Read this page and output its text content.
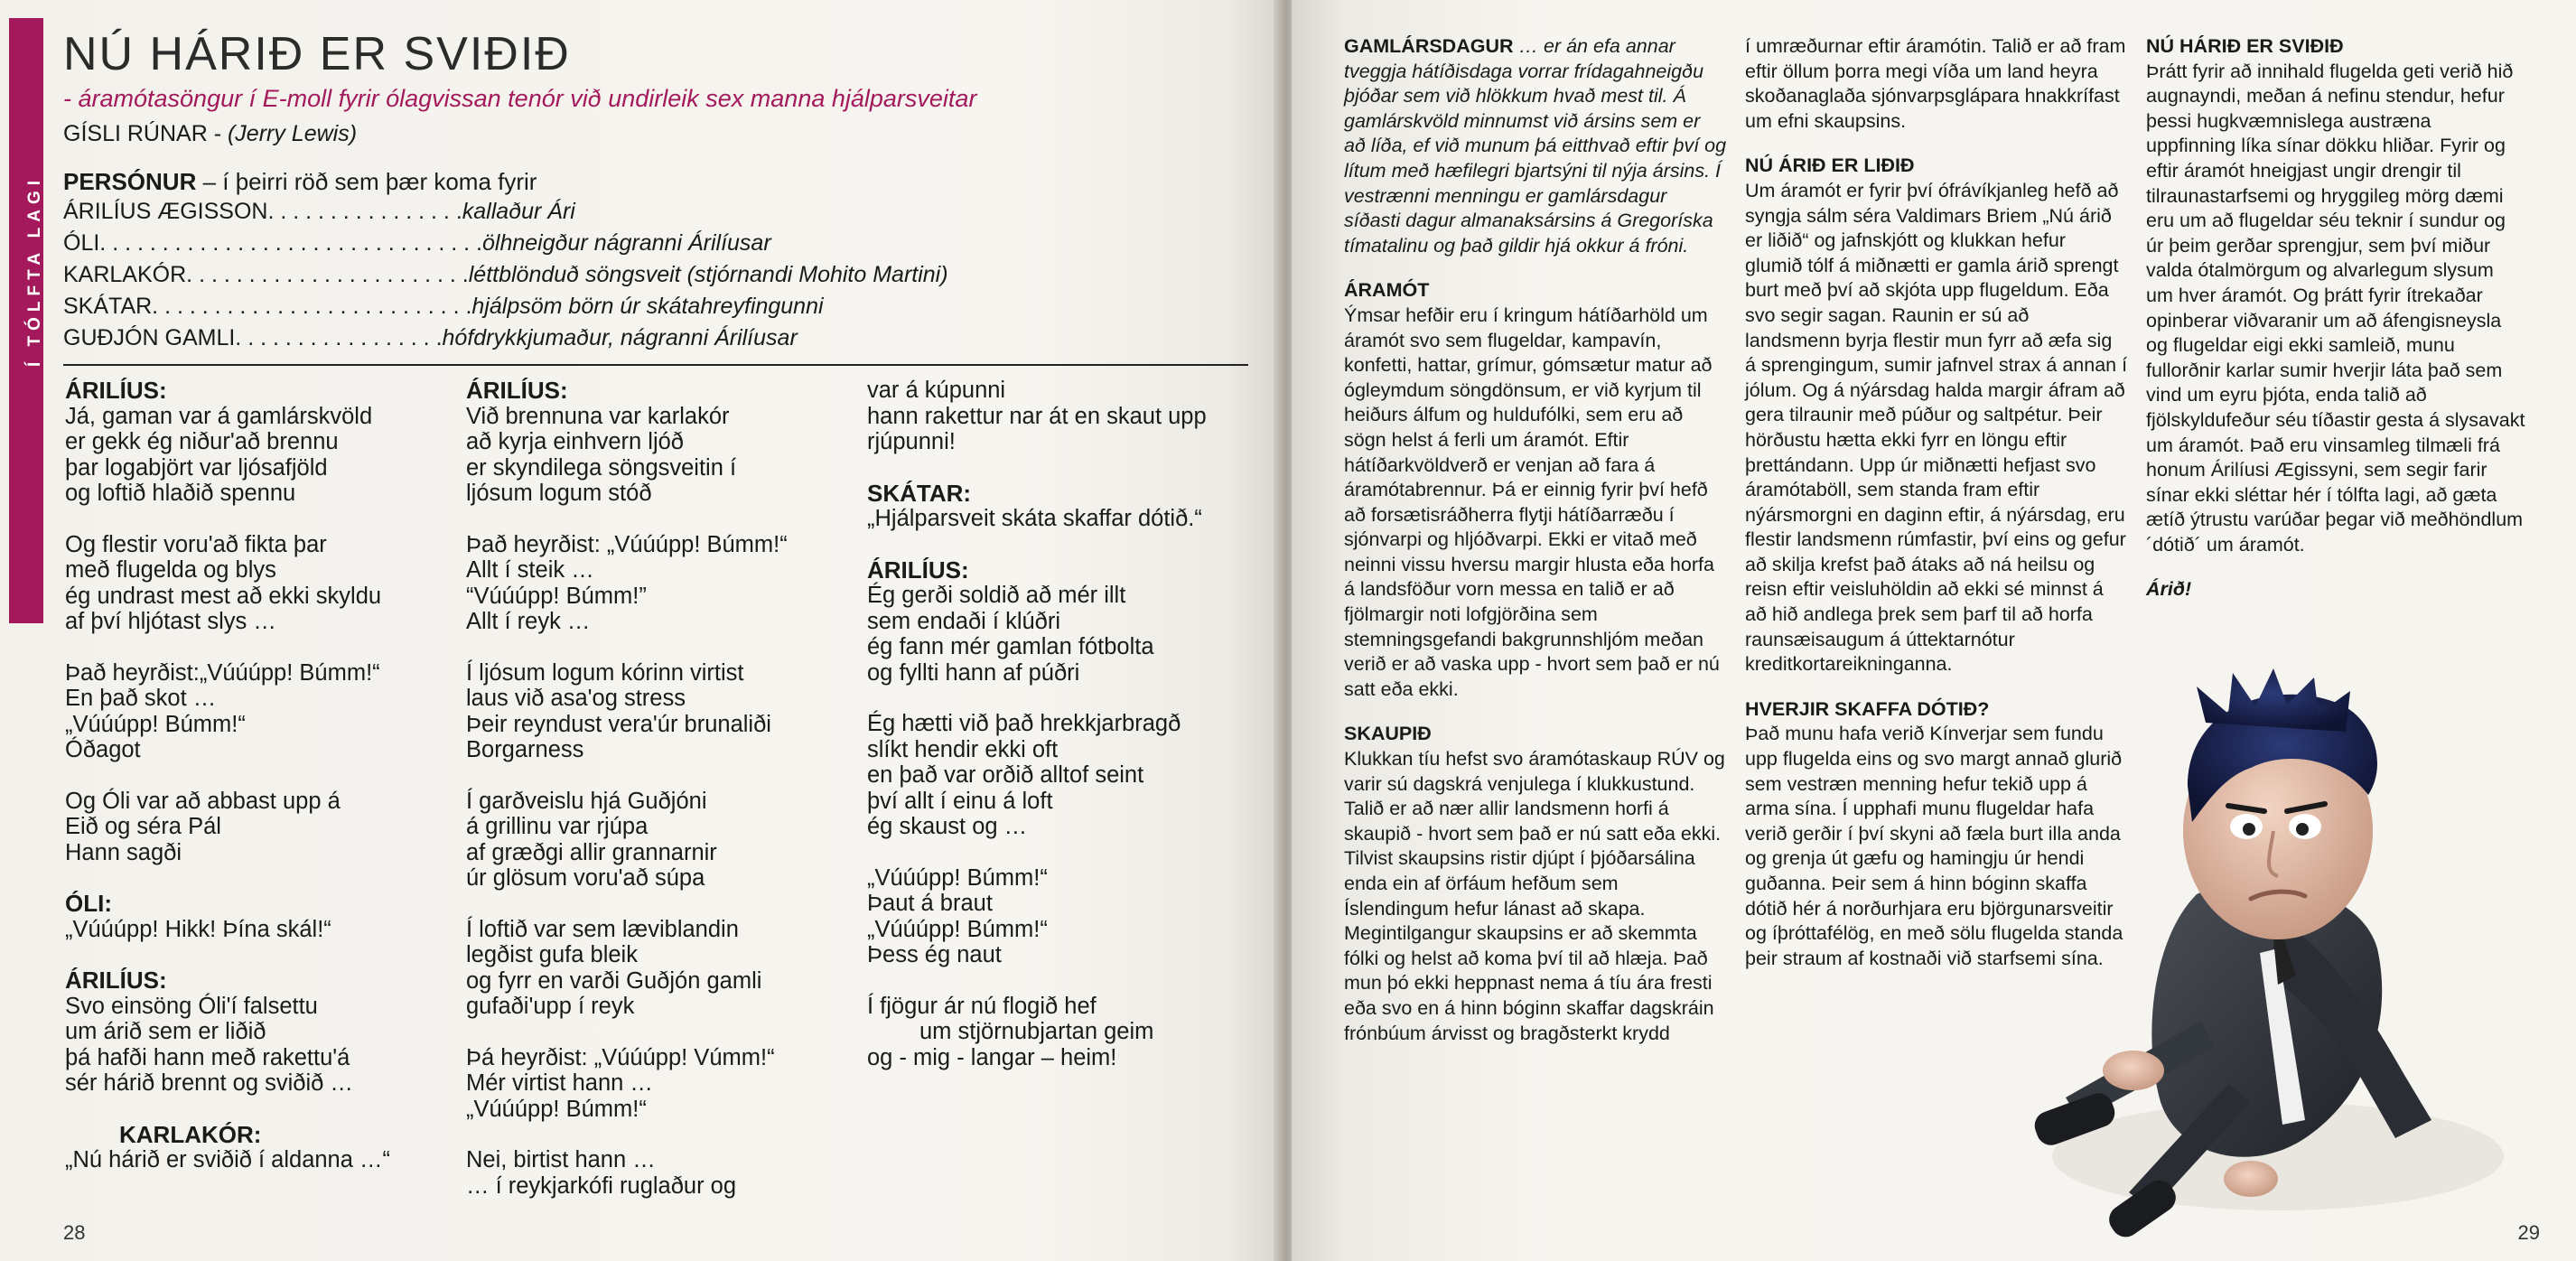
Í TÓLFTA LAGI
NÚ HÁRIÐ ER SVIÐIÐ
- áramótasöngur í E-moll fyrir ólagvissan tenór við undirleik sex manna hjálparsveitar
GÍSLI RÚNAR - (Jerry Lewis)
PERSÓNUR – í þeirri röð sem þær koma fyrir
ÁRILÍUS ÆGISSON . . . . . . . . . . . . . . . . kallaður Ári
ÓLI . . . . . . . . . . . . . . . . . . . . . . . . . . . . . . . ölhneigður nágranni Árilíusar
KARLAKÓR . . . . . . . . . . . . . . . . . . . . . . . léttblönduð söngsveit (stjórnandi Mohito Martini)
SKÁTAR . . . . . . . . . . . . . . . . . . . . . . . . . . hjálpsöm börn úr skátahreyfingunni
GUÐJÓN GAMLI . . . . . . . . . . . . . . . . . hófdrykkjumaður, nágranni Árilíusar
ÁRILÍUS:
Já, gaman var á gamlárskvöld
er gekk ég niður'að brennu
þar logabjört var ljósafjöld
og loftið hlaðið spennu
Og flestir voru'að fikta þar
með flugelda og blys
ég undrast mest að ekki skyldu
af því hljótast slys …
Það heyrðist:„Vúúúpp! Búmm!“
En það skot …
„Vúúúpp! Búmm!“
Óðagot
Og Óli var að abbast upp á
Eið og séra Pál
Hann sagði
ÓLI:
„Vúúúpp! Hikk! Þína skál!“
ÁRILÍUS:
Svo einsöng Óli'í falsettu
um árið sem er liðið
þá hafði hann með rakettu'á
sér hárið brennt og sviðið …
KARLAKÓR:
„Nú hárið er sviðið í aldanna …“
ÁRILÍUS:
Við brennuna var karlakór
að kyrja einhvern ljóð
er skyndilega söngsveitin í
ljósum logum stóð
Það heyrðist: „Vúúúpp! Búmm!“
Allt í steik …
“Vúúúpp! Búmm!”
Allt í reyk …
Í ljósum logum kórinn virtist
laus við asa'og stress
Þeir reyndust vera'úr brunaliði
Borgarness
Í garðveislu hjá Guðjóni
á grillinu var rjúpa
af græðgi allir grannarnir
úr glösum voru'að súpa
Í loftið var sem læviblandin
legðist gufa bleik
og fyrr en varði Guðjón gamli
gufaði'upp í reyk
Þá heyrðist: „Vúúúpp! Vúmm!“
Mér virtist hann …
„Vúúúpp! Búmm!“
Nei, birtist hann …
… í reykjarkófi ruglaður og
var á kúpunni
hann rakettur nar át en skaut upp
rjúpunni!
SKÁTAR:
„Hjálparsveit skáta skaffar dótið.“
ÁRILÍUS:
Ég gerði soldið að mér illt
sem endaði í klúðri
ég fann mér gamlan fótbolta
og fyllti hann af púðri
Ég hætti við það hrekkjarbragð
slíkt hendir ekki oft
en það var orðið alltof seint
því allt í einu á loft
ég skaust og …
„Vúúúpp! Búmm!“
Þaut á braut
„Vúúúpp! Búmm!“
Þess ég naut
Í fjögur ár nú flogið hef
um stjörnubjartan geim
og - mig - langar – heim!
28
GAMLÁRSDAGUR … er án efa annar tveggja hátíðisdaga vorrar frídagahneigðu þjóðar sem við hlökkum hvað mest til. Á gamlárskvöld minnumst við ársins sem er að líða, ef við munum þá eitthvað eftir því og lítum með hæfilegri bjartsýni til nýja ársins. Í vestrænni menningu er gamlársdagur síðasti dagur almanaksársins á Gregoríska tímatalinu og það gildir hjá okkur á fróni.
ÁRAMÓT
Ýmsar hefðir eru í kringum hátíðarhöld um áramót svo sem flugeldar, kampavín, konfetti, hattar, grímur, gómsætur matur að ógleymdum söngdönsum, er við kyrjum til heiðurs álfum og huldufólki, sem eru að sögn helst á ferli um áramót. Eftir hátíðarkvöldverð er venjan að fara á áramótabrennur. Þá er einnig fyrir því hefð að forsætisráðherra flytji hátíðarræðu í sjónvarpi og hljóðvarpi. Ekki er vitað með neinni vissu hversu margir hlusta eða horfa á landsföður vorn messa en talið er að fjölmargir noti lofgjörðina sem stemningsgefandi bakgrunnshljóm meðan verið er að vaska upp - hvort sem það er nú satt eða ekki.
SKAUPIÐ
Klukkan tíu hefst svo áramótaskaup RÚV og varir sú dagskrá venjulega í klukkustund. Talið er að nær allir landsmenn horfi á skaupið - hvort sem það er nú satt eða ekki. Tilvist skaupsins ristir djúpt í þjóðarsálina enda ein af örfáum hefðum sem Íslendingum hefur lánast að skapa. Megintilgangur skaupsins er að skemmta fólki og helst að koma því til að hlæja. Það mun þó ekki heppnast nema á tíu ára fresti eða svo en á hinn bóginn skaffar dagskráin frónbúum árvisst og bragðsterkt krydd
í umræðurnar eftir áramótin. Talið er að fram eftir öllum þorra megi víða um land heyra skoðanaglaða sjónvarpsglápara hnakkrífast um efni skaupsins.
NÚ ÁRIÐ ER LIÐIÐ
Um áramót er fyrir því ófrávíkjanleg hefð að syngja sálm séra Valdimars Briem „Nú árið er liðið“ og jafnskjótt og klukkan hefur glumið tólf á miðnætti er gamla árið sprengt burt með því að skjóta upp flugeldum. Eða svo segir sagan. Raunin er sú að landsmenn byrja flestir mun fyrr að æfa sig á sprengingum, sumir jafnvel strax á annan í jólum. Og á nýársdag halda margir áfram að gera tilraunir með púður og saltpétur. Þeir hörðustu hætta ekki fyrr en löngu eftir þrettándann. Upp úr miðnætti hefjast svo áramótaböll, sem standa fram eftir nýársmorgni en daginn eftir, á nýársdag, eru flestir landsmenn rúmfastir, því eins og gefur að skilja krefst það átaks að ná heilsu og reisn eftir veisluhöldin að ekki sé minnst á að hið andlega þrek sem þarf til að horfa raunsæisaugum á úttektarnótur kreditkortareikninganna.
HVERJIR SKAFFA DÓTIÐ?
Það munu hafa verið Kínverjar sem fundu upp flugelda eins og svo margt annað glurið sem vestræn menning hefur tekið upp á arma sína. Í upphafi munu flugeldar hafa verið gerðir í því skyni að fæla burt illa anda og grenja út gæfu og hamingju úr hendi guðanna. Þeir sem á hinn bóginn skaffa dótið hér á norðurhjara eru björgunarsveitir og íþróttafélög, en með sölu flugelda standa þeir straum af kostnaði við starfsemi sína.
NÚ HÁRIÐ ER SVIÐIÐ
Þrátt fyrir að innihald flugelda geti verið hið augnayndi, meðan á nefinu stendur, hefur þessi hugkvæmnislega austræna uppfinning líka sínar dökku hliðar. Fyrir og eftir áramót hneigjast ungir drengir til tilraunastarfsemi og hryggileg mörg dæmi eru um að flugeldar séu teknir í sundur og úr þeim gerðar sprengjur, sem því miður valda ótalmörgum og alvarlegum slysum um hver áramót. Og þrátt fyrir ítrekaðar opinberar viðvaranir um að áfengisneysla og flugeldar eigi ekki samleið, munu fullorðnir karlar sumir hverjir láta það sem vind um eyru þjóta, enda talið að fjölskyldufeður séu tíðastir gesta á slysavakt um áramót. Það eru vinsamleg tilmæli frá honum Árilíusi Ægissyni, sem segir farir sínar ekki sléttar hér í tólfta lagi, að gæta ætíð ýtrustu varúðar þegar við meðhöndlum ´dótið´ um áramót.
Árið!
29
